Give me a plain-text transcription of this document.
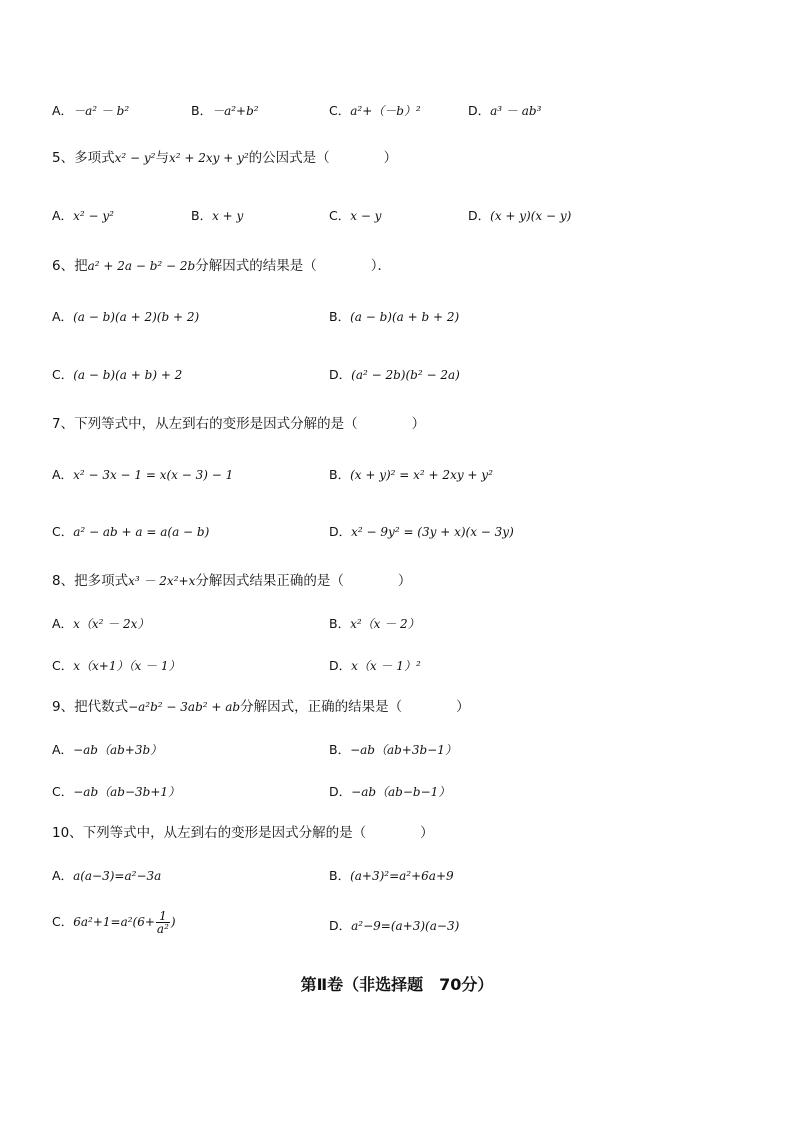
A．－a² － b²	B．－a²+b²	C．a²+（－b）²	D．a³ － ab³
5、多项式x² − y²与x² + 2xy + y²的公因式是（　　　　）
A．x² − y²	B．x + y	C．x − y	D．(x + y)(x − y)
6、把a² + 2a − b² − 2b分解因式的结果是（　　　　）．
A．(a − b)(a + 2)(b + 2)	B．(a − b)(a + b + 2)
C．(a − b)(a + b) + 2	D．(a² − 2b)(b² − 2a)
7、下列等式中，从左到右的变形是因式分解的是（　　　　）
A．x² − 3x − 1 = x(x − 3) − 1	B．(x + y)² = x² + 2xy + y²
C．a² − ab + a = a(a − b)	D．x² − 9y² = (3y + x)(x − 3y)
8、把多项式x³ － 2x²+x分解因式结果正确的是（　　　　）
A．x（x² － 2x）	B．x²（x － 2）
C．x（x+1）（x － 1）	D．x（x － 1）²
9、把代数式−a²b² − 3ab² + ab分解因式，正确的结果是（　　　　）
A．−ab（ab+3b）	B．−ab（ab+3b−1）
C．−ab（ab−3b+1）	D．−ab（ab−b−1）
10、下列等式中，从左到右的变形是因式分解的是（　　　　）
A．a(a−3)=a²−3a	B．(a+3)²=a²+6a+9
C．$6a^2+1=a^2(6+ \frac{1}{\text{a²}}$ )	D．a²−9=(a+3)(a−3)
第Ⅱ卷（非选择题　70分）
